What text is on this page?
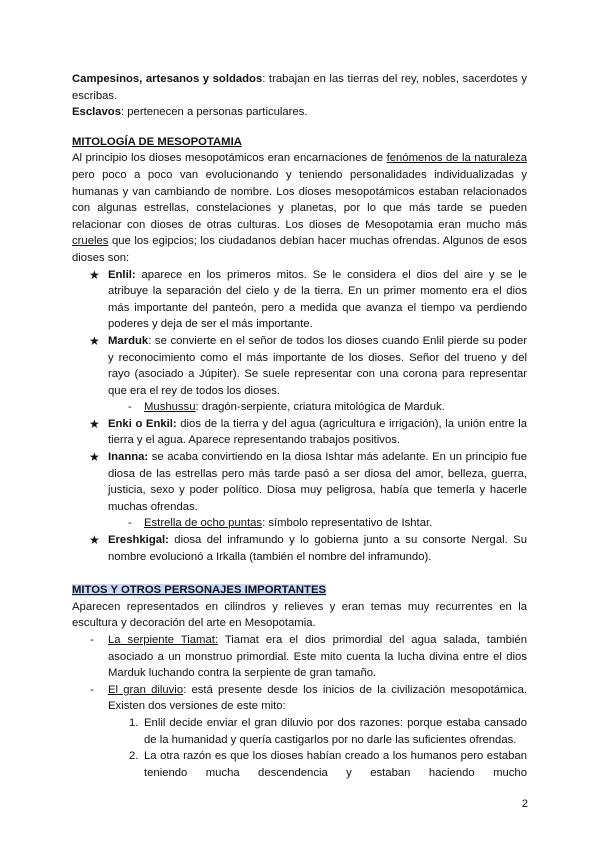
Campesinos, artesanos y soldados: trabajan en las tierras del rey, nobles, sacerdotes y escribas.

Esclavos: pertenecen a personas particulares.

MITOLOGÍA DE MESOPOTAMIA

Al principio los dioses mesopotámicos eran encarnaciones de fenómenos de la naturaleza pero poco a poco van evolucionando y teniendo personalidades individualizadas y humanas y van cambiando de nombre. Los dioses mesopotámicos estaban relacionados con algunas estrellas, constelaciones y planetas, por lo que más tarde se pueden relacionar con dioses de otras culturas. Los dioses de Mesopotamia eran mucho más crueles que los egipcios; los ciudadanos debían hacer muchas ofrendas. Algunos de esos dioses son:

★ Enlil: aparece en los primeros mitos. Se le considera el dios del aire y se le atribuye la separación del cielo y de la tierra. En un primer momento era el dios más importante del panteón, pero a medida que avanza el tiempo va perdiendo poderes y deja de ser el más importante.
★ Marduk: se convierte en el señor de todos los dioses cuando Enlil pierde su poder y reconocimiento como el más importante de los dioses. Señor del trueno y del rayo (asociado a Júpiter). Se suele representar con una corona para representar que era el rey de todos los dioses.
- Mushussu: dragón-serpiente, criatura mitológica de Marduk.
★ Enki o Enkil: dios de la tierra y del agua (agricultura e irrigación), la unión entre la tierra y el agua. Aparece representando trabajos positivos.
★ Inanna: se acaba convirtiendo en la diosa Ishtar más adelante. En un principio fue diosa de las estrellas pero más tarde pasó a ser diosa del amor, belleza, guerra, justicia, sexo y poder político. Diosa muy peligrosa, había que temerla y hacerle muchas ofrendas.
- Estrella de ocho puntas: símbolo representativo de Ishtar.
★ Ereshkigal: diosa del inframundo y lo gobierna junto a su consorte Nergal. Su nombre evolucionó a Irkalla (también el nombre del inframundo).

MITOS Y OTROS PERSONAJES IMPORTANTES

Aparecen representados en cilindros y relieves y eran temas muy recurrentes en la escultura y decoración del arte en Mesopotamia.

- La serpiente Tiamat: Tiamat era el dios primordial del agua salada, también asociado a un monstruo primordial. Este mito cuenta la lucha divina entre el dios Marduk luchando contra la serpiente de gran tamaño.
- El gran diluvio: está presente desde los inicios de la civilización mesopotámica. Existen dos versiones de este mito:
1. Enlil decide enviar el gran diluvio por dos razones: porque estaba cansado de la humanidad y quería castigarlos por no darle las suficientes ofrendas.
2. La otra razón es que los dioses habían creado a los humanos pero estaban teniendo mucha descendencia y estaban haciendo mucho
2
